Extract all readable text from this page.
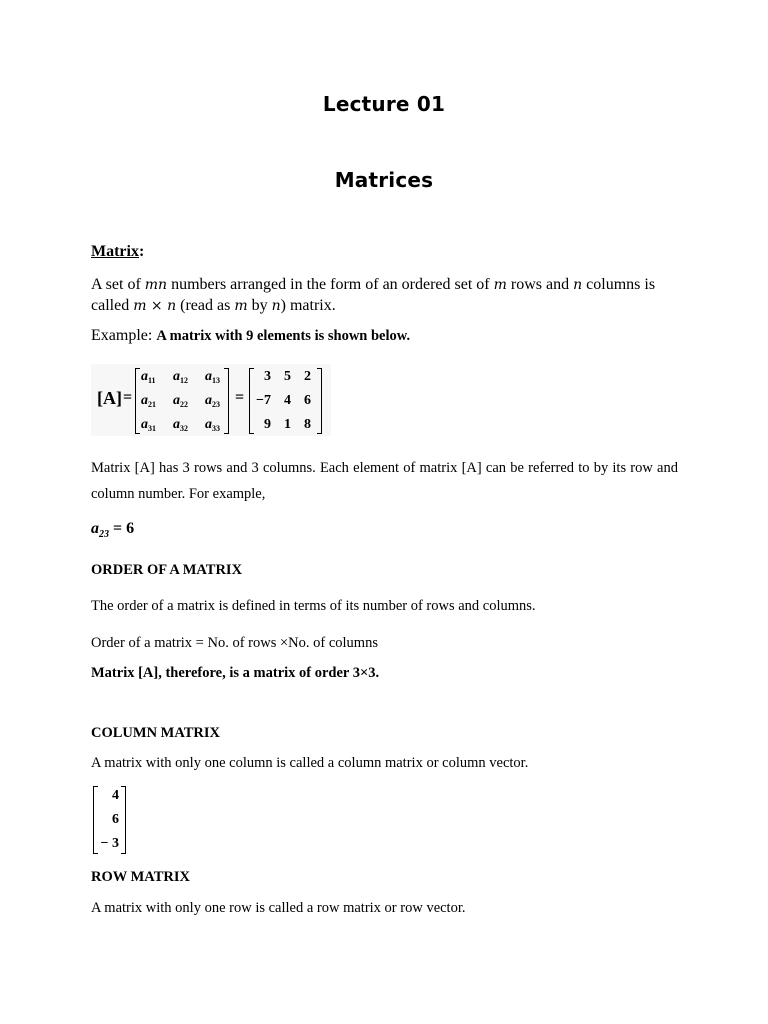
Lecture 01
Matrices
Matrix:
A set of mn numbers arranged in the form of an ordered set of m rows and n columns is
called m × n (read as m by n) matrix.
Example: A matrix with 9 elements is shown below.
[A] =
$a_{11}$ $a_{12}$ $a_{13}$
$a_{21}$ $a_{22}$ $a_{23}$
$a_{31}$ $a_{32}$ $a_{33}$
=
3 5 2
−7 4 6
9 1 8
Matrix [A] has 3 rows and 3 columns. Each element of matrix [A] can be referred to by its row and column number. For example,
$a_{23} = 6$
ORDER OF A MATRIX
The order of a matrix is defined in terms of its number of rows and columns.
Order of a matrix = No. of rows ×No. of columns
Matrix [A], therefore, is a matrix of order 3×3.
COLUMN MATRIX
A matrix with only one column is called a column matrix or column vector.
4
6
− 3
ROW MATRIX
A matrix with only one row is called a row matrix or row vector.
